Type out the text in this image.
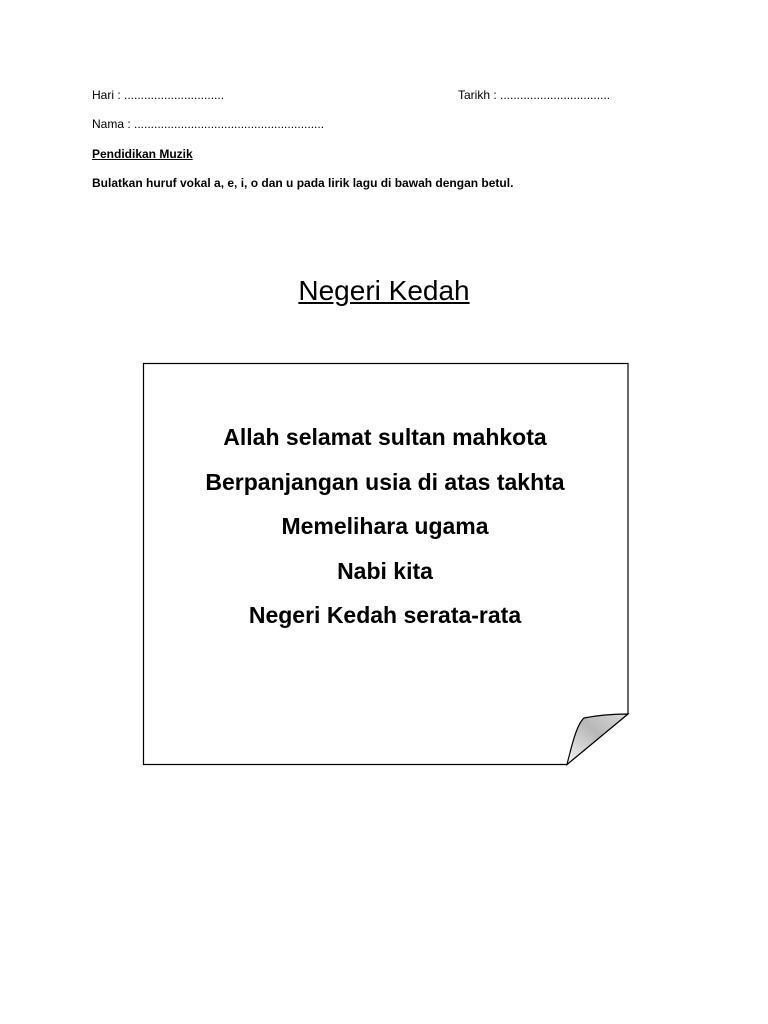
Hari : ..............................	Tarikh : .................................
Nama : .........................................................
Pendidikan Muzik
Bulatkan huruf vokal a, e, i, o dan u pada lirik lagu di bawah dengan betul.
Negeri Kedah
Allah selamat sultan mahkota
Berpanjangan usia di atas takhta
Memelihara ugama
Nabi kita
Negeri Kedah serata-rata
